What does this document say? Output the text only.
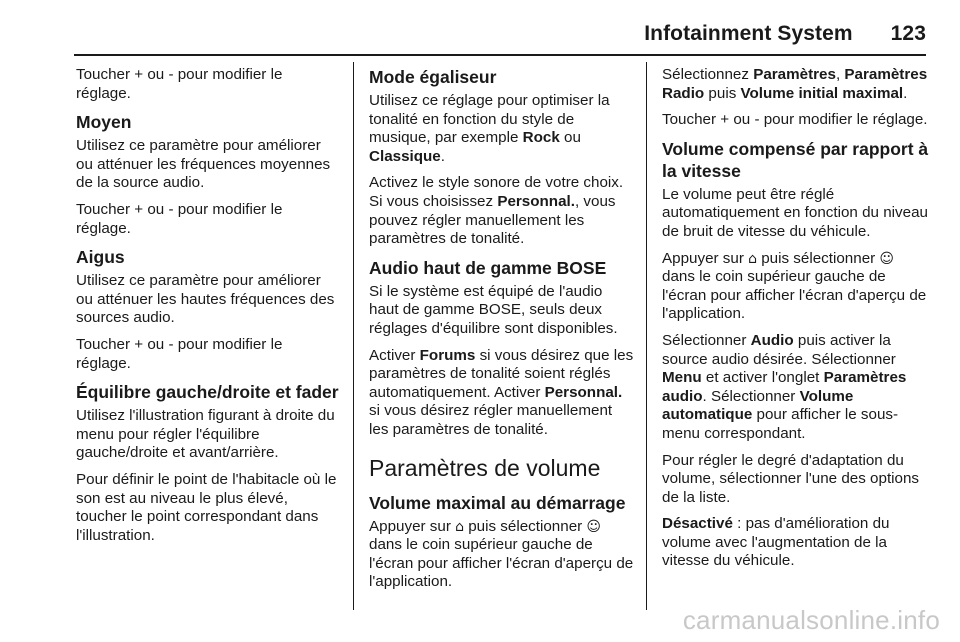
Infotainment System 123

Toucher + ou - pour modifier le réglage.

Moyen

Utilisez ce paramètre pour améliorer ou atténuer les fréquences moyennes de la source audio.

Toucher + ou - pour modifier le réglage.

Aigus

Utilisez ce paramètre pour améliorer ou atténuer les hautes fréquences des sources audio.

Toucher + ou - pour modifier le réglage.

Équilibre gauche/droite et fader

Utilisez l'illustration figurant à droite du menu pour régler l'équilibre gauche/droite et avant/arrière.

Pour définir le point de l'habitacle où le son est au niveau le plus élevé, toucher le point correspondant dans l'illustration.

Mode égaliseur

Utilisez ce réglage pour optimiser la tonalité en fonction du style de musique, par exemple Rock ou Classique.

Activez le style sonore de votre choix. Si vous choisissez Personnal., vous pouvez régler manuellement les paramètres de tonalité.

Audio haut de gamme BOSE

Si le système est équipé de l'audio haut de gamme BOSE, seuls deux réglages d'équilibre sont disponibles.

Activer Forums si vous désirez que les paramètres de tonalité soient réglés automatiquement. Activer Personnal. si vous désirez régler manuellement les paramètres de tonalité.

Paramètres de volume
Volume maximal au démarrage

Appuyer sur ⌂ puis sélectionner ☺ dans le coin supérieur gauche de l'écran pour afficher l'écran d'aperçu de l'application.

Sélectionnez Paramètres, Paramètres Radio puis Volume initial maximal.

Toucher + ou - pour modifier le réglage.

Volume compensé par rapport à la vitesse

Le volume peut être réglé automatiquement en fonction du niveau de bruit de vitesse du véhicule.

Appuyer sur ⌂ puis sélectionner ☺ dans le coin supérieur gauche de l'écran pour afficher l'écran d'aperçu de l'application.

Sélectionner Audio puis activer la source audio désirée. Sélectionner Menu et activer l'onglet Paramètres audio. Sélectionner Volume automatique pour afficher le sous-menu correspondant.

Pour régler le degré d'adaptation du volume, sélectionner l'une des options de la liste.

Désactivé : pas d'amélioration du volume avec l'augmentation de la vitesse du véhicule.

carmanualsonline.info
